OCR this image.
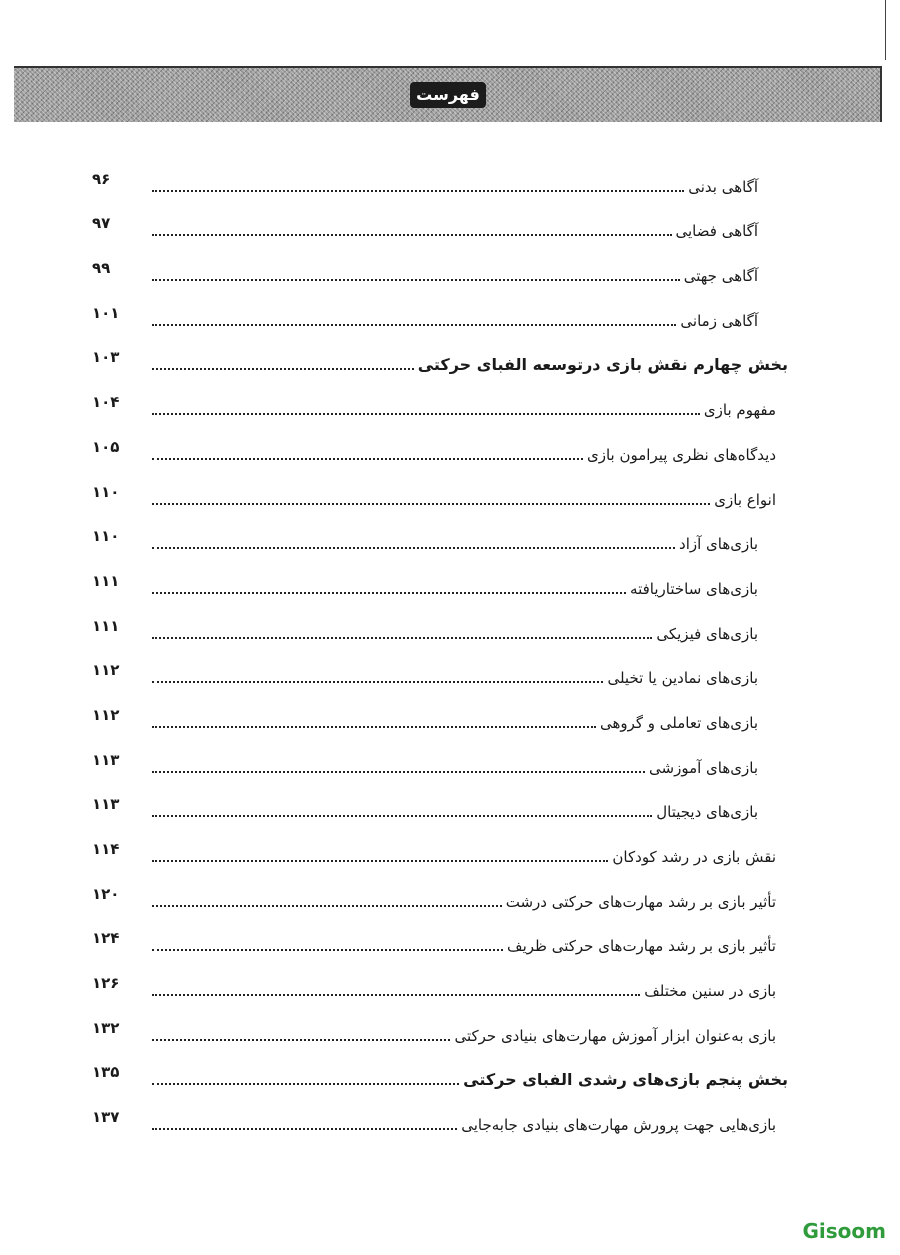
فهرست
آگاهی بدنی
۹۶
آگاهی فضایی
۹۷
آگاهی جهتی
۹۹
آگاهی زمانی
۱۰۱
بخش چهارم نقش بازی درتوسعه الفبای حرکتی
۱۰۳
مفهوم بازی
۱۰۴
دیدگاه‌های نظری پیرامون بازی
۱۰۵
انواع بازی
۱۱۰
بازی‌های آزاد
۱۱۰
بازی‌های ساختاریافته
۱۱۱
بازی‌های فیزیکی
۱۱۱
بازی‌های نمادین یا تخیلی
۱۱۲
بازی‌های تعاملی و گروهی
۱۱۲
بازی‌های آموزشی
۱۱۳
بازی‌های دیجیتال
۱۱۳
نقش بازی در رشد کودکان
۱۱۴
تأثیر بازی بر رشد مهارت‌های حرکتی درشت
۱۲۰
تأثیر بازی بر رشد مهارت‌های حرکتی ظریف
۱۲۴
بازی در سنین مختلف
۱۲۶
بازی به‌عنوان ابزار آموزش مهارت‌های بنیادی حرکتی
۱۳۲
بخش پنجم بازی‌های رشدی الفبای حرکتی
۱۳۵
بازی‌هایی جهت پرورش مهارت‌های بنیادی جابه‌جایی
۱۳۷
Gisoom
